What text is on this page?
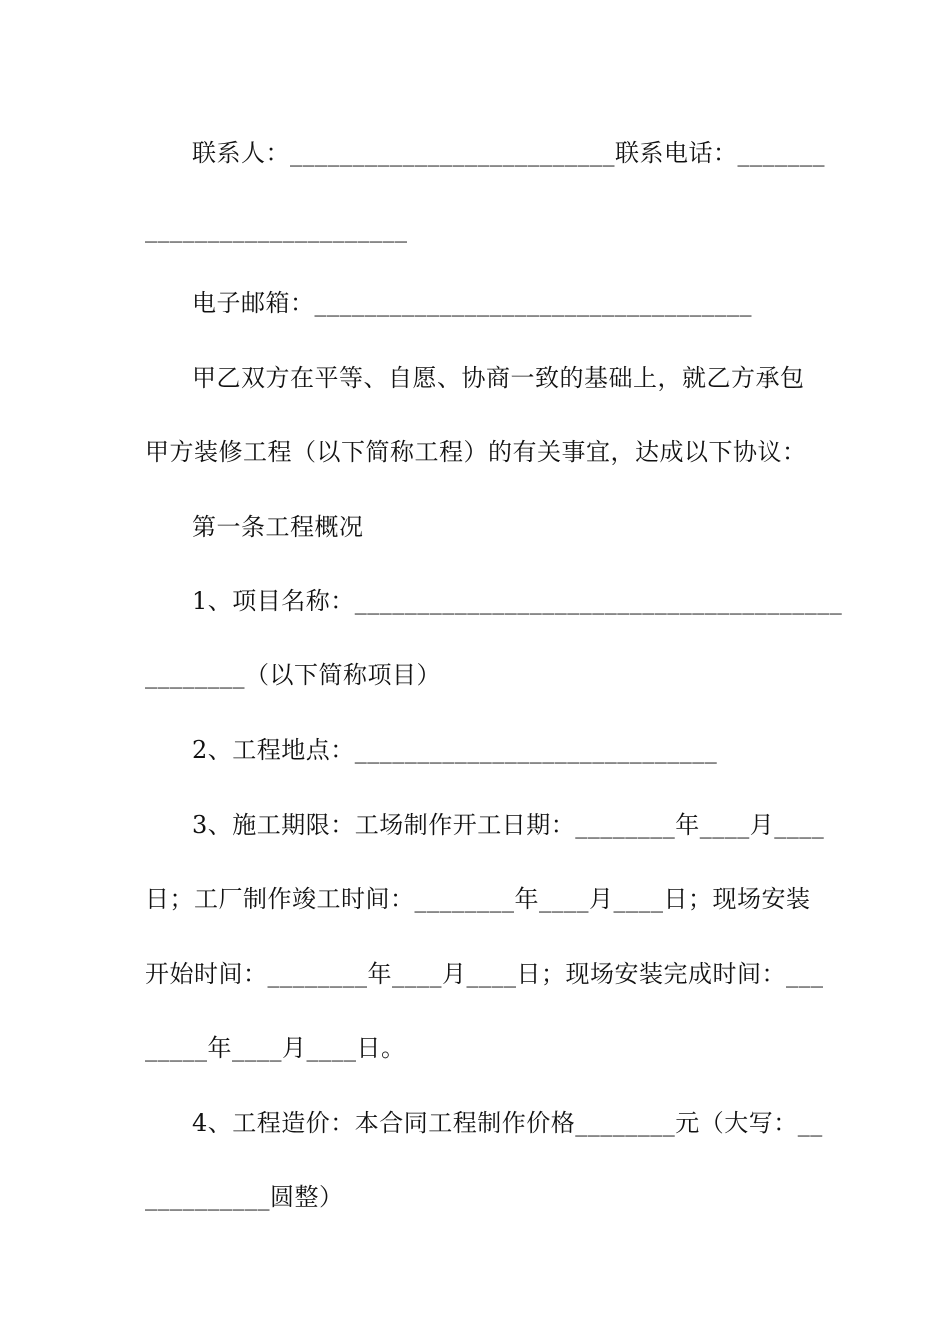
联系人：__________________________联系电话：_______
_____________________
电子邮箱：___________________________________
甲乙双方在平等、自愿、协商一致的基础上，就乙方承包
甲方装修工程（以下简称工程）的有关事宜，达成以下协议：
第一条工程概况
1、项目名称：_______________________________________
________（以下简称项目）
2、工程地点：_____________________________
3、施工期限：工场制作开工日期：________年____月____
日；工厂制作竣工时间：________年____月____日；现场安装
开始时间：________年____月____日；现场安装完成时间：___
_____年____月____日。
4、工程造价：本合同工程制作价格________元（大写：__
__________圆整）
